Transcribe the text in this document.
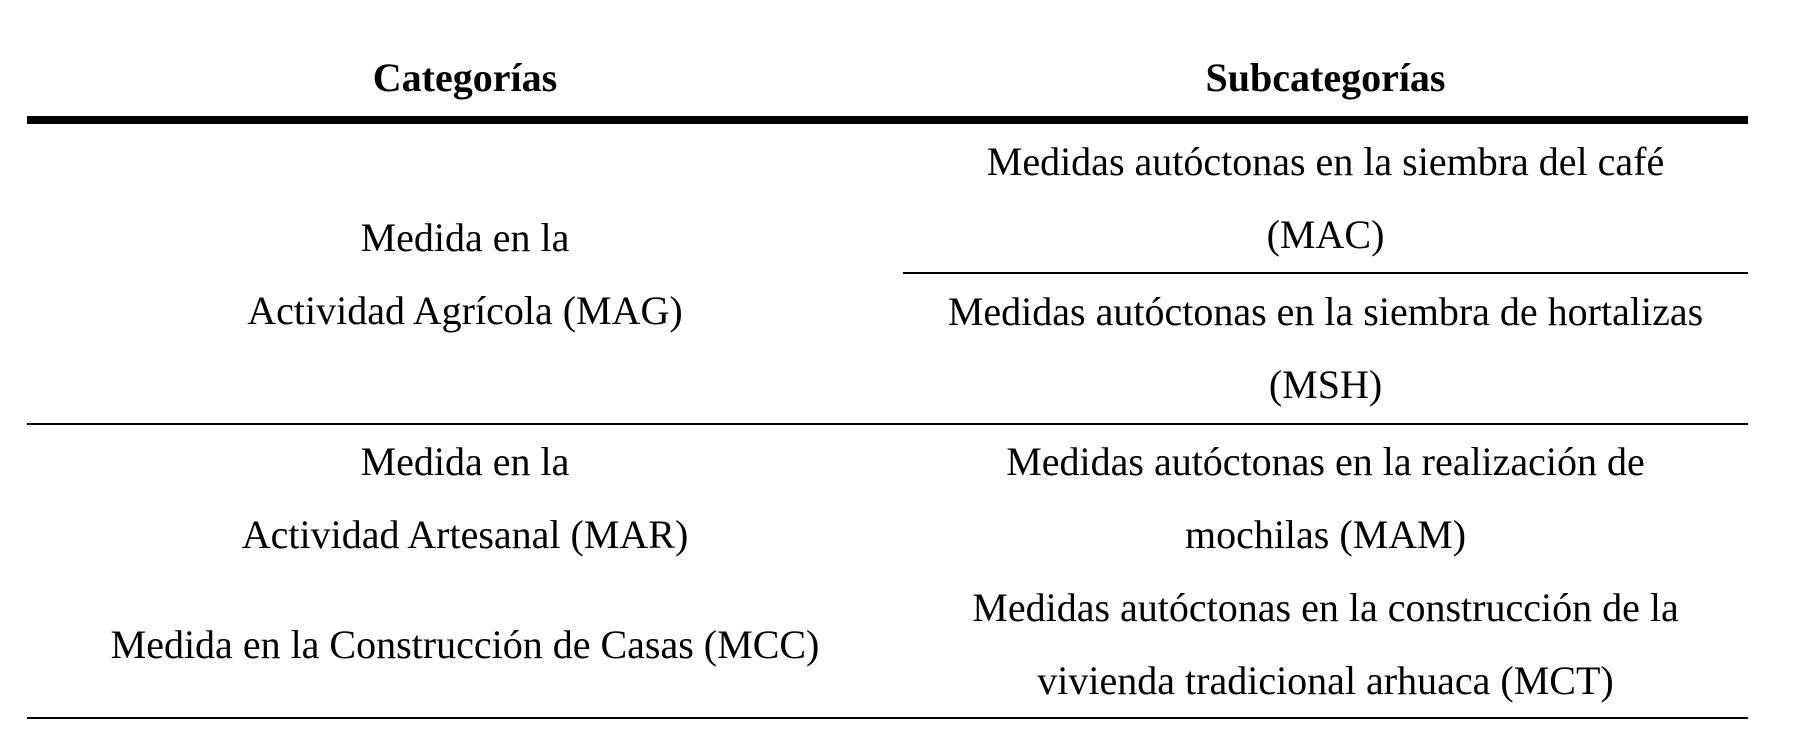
Categorías	Subcategorías
Medida en la
Actividad Agrícola (MAG)
Medidas autóctonas en la siembra del café
(MAC)
Medidas autóctonas en la siembra de hortalizas
(MSH)
Medida en la
Actividad Artesanal (MAR)
Medidas autóctonas en la realización de
mochilas (MAM)
Medida en la Construcción de Casas (MCC)
Medidas autóctonas en la construcción de la
vivienda tradicional arhuaca (MCT)
